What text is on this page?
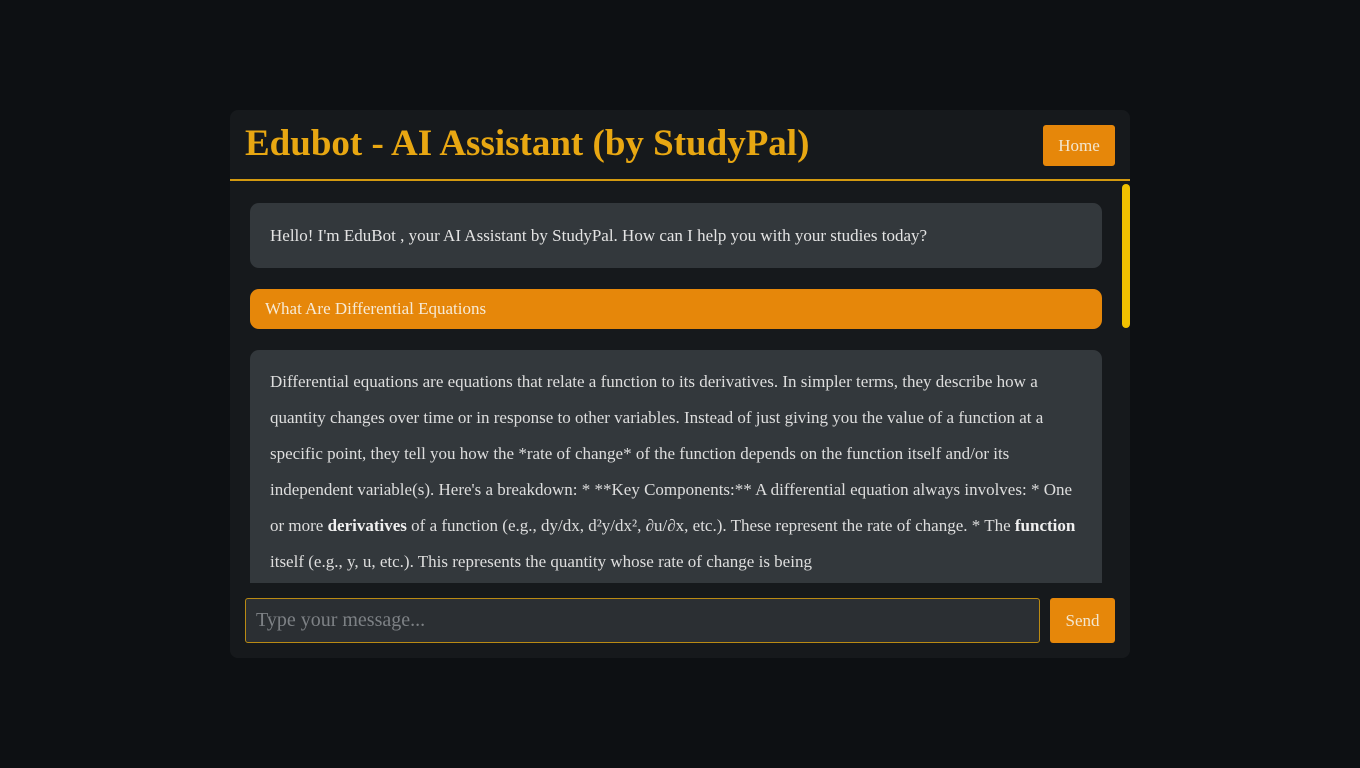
Edubot - AI Assistant (by StudyPal)	Home
Hello! I'm EduBot , your AI Assistant by StudyPal. How can I help you with your studies today?
What Are Differential Equations
Differential equations are equations that relate a function to its derivatives. In simpler terms, they describe how a quantity changes over time or in response to other variables. Instead of just giving you the value of a function at a specific point, they tell you how the *rate of change* of the function depends on the function itself and/or its independent variable(s). Here's a breakdown: * **Key Components:** A differential equation always involves: * One or more derivatives of a function (e.g., dy/dx, d²y/dx², ∂u/∂x, etc.). These represent the rate of change. * The function itself (e.g., y, u, etc.). This represents the quantity whose rate of change is being
Type your message...
Send
